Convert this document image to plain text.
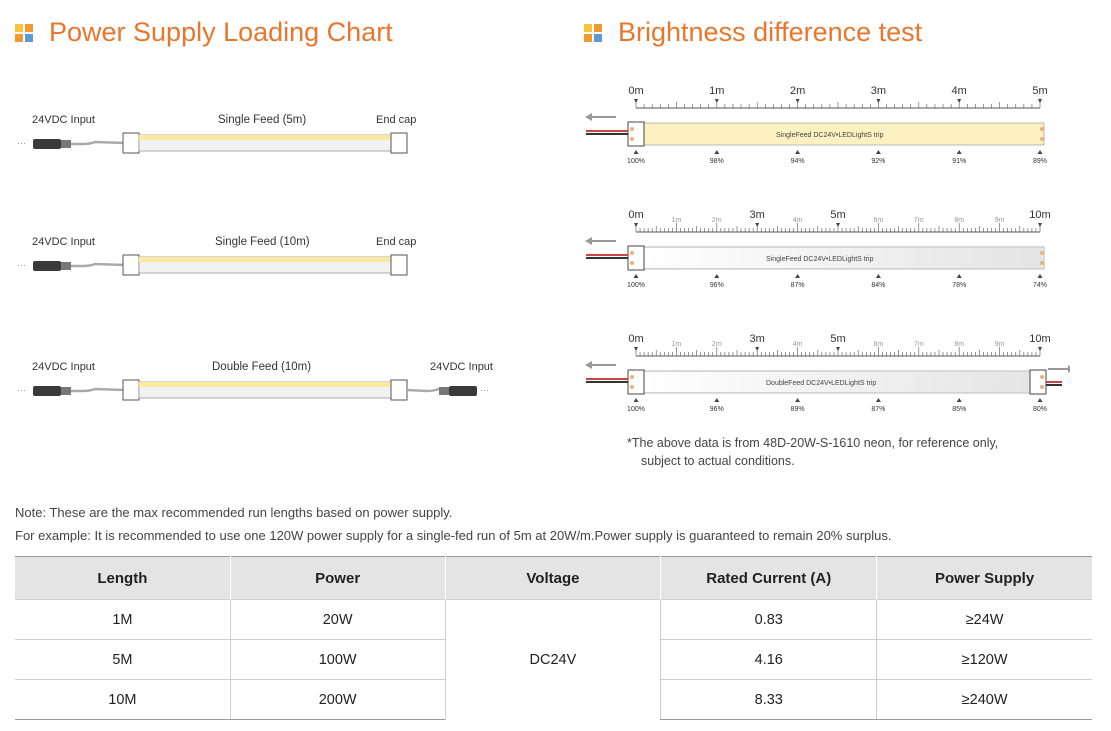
Power Supply Loading Chart	Brightness difference test
24VDC Input	Single Feed (5m)	End cap
···
24VDC Input	Single Feed (10m)	End cap
···
24VDC Input	Double Feed (10m)	24VDC Input
···	···
0m	1m	2m	3m	4m	5m
SingleFeed DC24V•LEDLightS trip
100%	98%	94%	92%	91%	89%
0m	3m	5m	10m
1m	2m	4m	6m	7m	8m	9m
SingleFeed DC24V•LEDLightS trip
100%	96%	87%	84%	78%	74%
0m	3m	5m	10m
1m	2m	4m	6m	7m	8m	9m
DoubleFeed DC24V•LEDLightS trip
100%	96%	89%	87%	85%	80%
*The above data is from 48D-20W-S-1610 neon, for reference only,
subject to actual conditions.
Note: These are the max recommended run lengths based on power supply.
For example: It is recommended to use one 120W power supply for a single-fed run of 5m at 20W/m.Power supply is guaranteed to remain 20% surplus.
Length	Power	Voltage	Rated Current (A)	Power Supply
1M	20W	DC24V	0.83	≥24W
5M	100W		4.16	≥120W
10M	200W		8.33	≥240W
